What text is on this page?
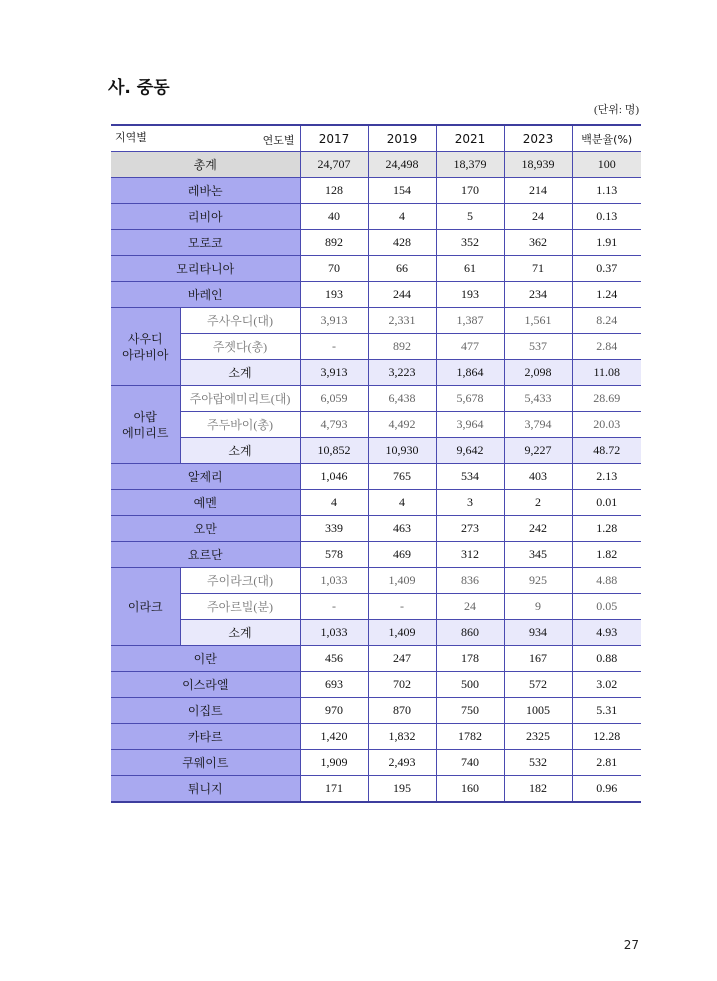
사. 중동
(단위: 명)
연도별
지역별		2017	2019	2021	2023	백분율(%)
총계		24,707	24,498	18,379	18,939	100
레바논		128	154	170	214	1.13
리비아		40	4	5	24	0.13
모로코		892	428	352	362	1.91
모리타니아		70	66	61	71	0.37
바레인		193	244	193	234	1.24
사우디
아라비아	주사우디(대)	3,913	2,331	1,387	1,561	8.24
	주젯다(총)	-	892	477	537	2.84
	소계	3,913	3,223	1,864	2,098	11.08
아랍
에미리트	주아랍에미리트(대)	6,059	6,438	5,678	5,433	28.69
	주두바이(총)	4,793	4,492	3,964	3,794	20.03
	소계	10,852	10,930	9,642	9,227	48.72
알제리		1,046	765	534	403	2.13
예멘		4	4	3	2	0.01
오만		339	463	273	242	1.28
요르단		578	469	312	345	1.82
이라크	주이라크(대)	1,033	1,409	836	925	4.88
	주아르빌(분)	-	-	24	9	0.05
	소계	1,033	1,409	860	934	4.93
이란		456	247	178	167	0.88
이스라엘		693	702	500	572	3.02
이집트		970	870	750	1005	5.31
카타르		1,420	1,832	1782	2325	12.28
쿠웨이트		1,909	2,493	740	532	2.81
튀니지		171	195	160	182	0.96
27
